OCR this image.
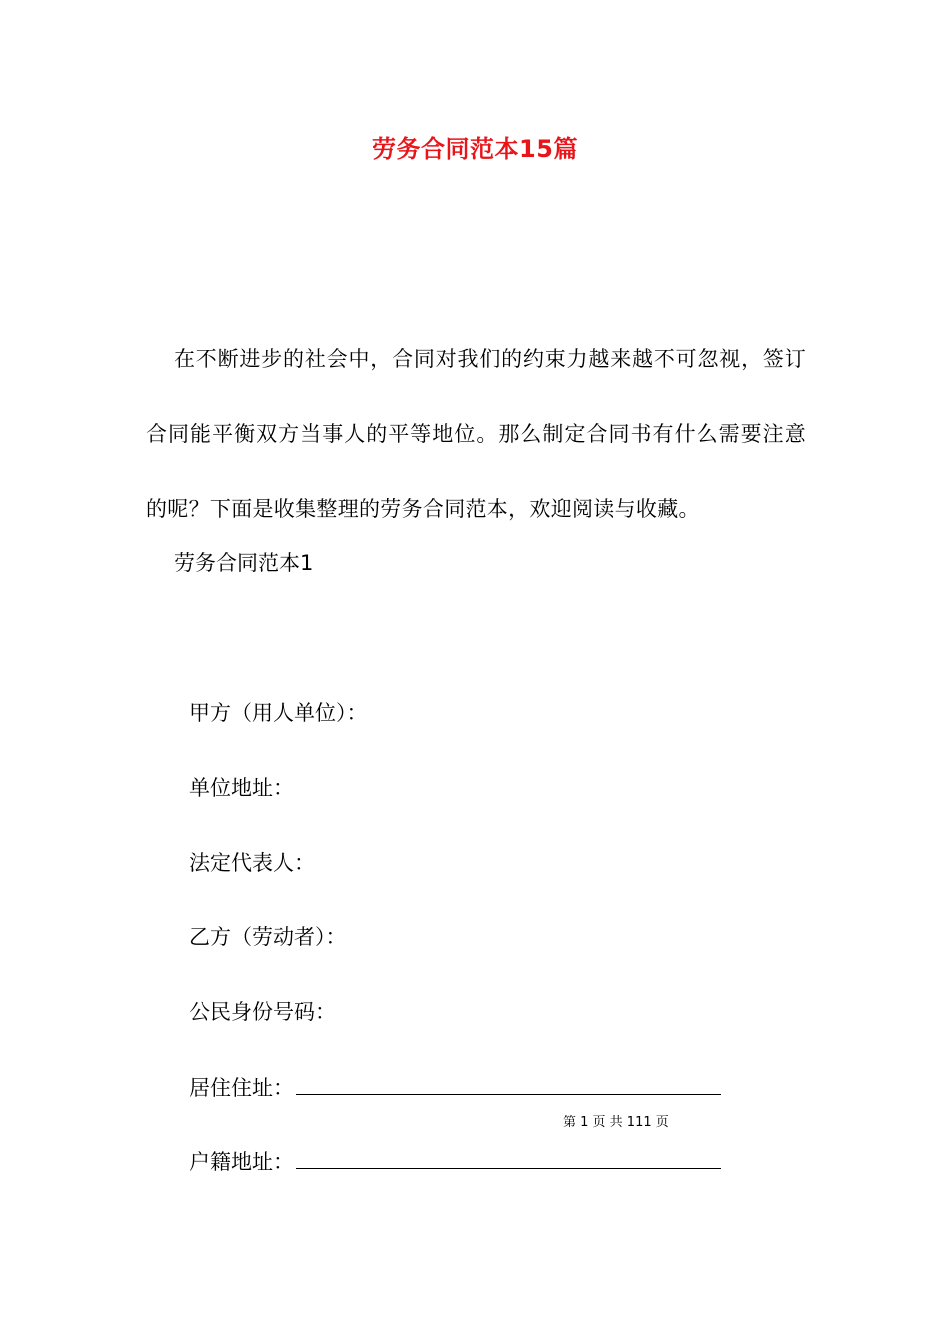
劳务合同范本15篇
在不断进步的社会中，合同对我们的约束力越来越不可忽视，签订合同能平衡双方当事人的平等地位。那么制定合同书有什么需要注意的呢？下面是收集整理的劳务合同范本，欢迎阅读与收藏。
劳务合同范本1
甲方（用人单位）：
单位地址：
法定代表人：
乙方（劳动者）：
公民身份号码：
居住住址：
第 1 页 共 111 页
户籍地址：
